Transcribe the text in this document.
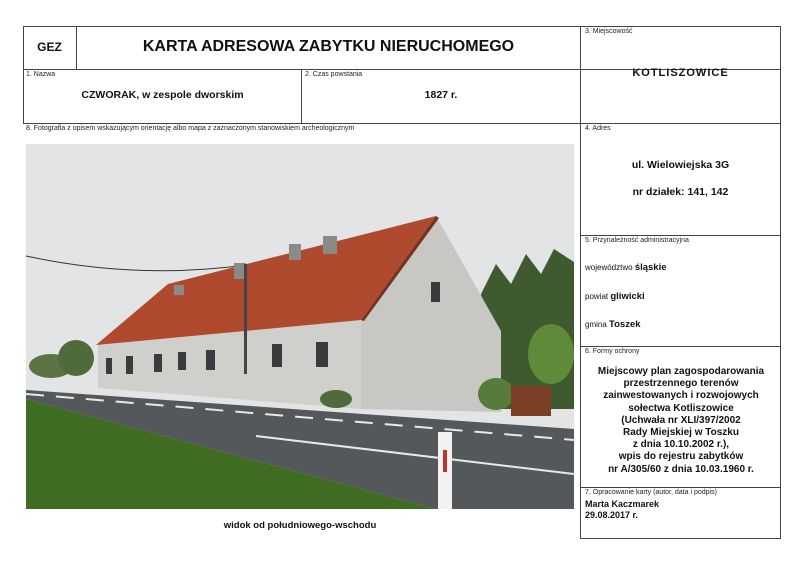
GEZ	KARTA ADRESOWA ZABYTKU NIERUCHOMEGO
3. Miejscowość
KOTLISZOWICE
1. Nazwa
CZWORAK, w zespole dworskim
2. Czas powstania
1827 r.
8. Fotografia z opisem wskazującym orientację albo mapa z zaznaczonym stanowiskiem archeologicznym
widok od południowego-wschodu
4. Adres
ul. Wielowiejska 3G
nr działek: 141, 142
5. Przynależność administracyjna
województwo śląskie
powiat gliwicki
gmina Toszek
6. Formy ochrony
Miejscowy plan zagospodarowania
przestrzennego terenów
zainwestowanych i rozwojowych
sołectwa Kotliszowice
(Uchwała nr XLI/397/2002
Rady Miejskiej w Toszku
z dnia 10.10.2002 r.),
wpis do rejestru zabytków
nr A/305/60 z dnia 10.03.1960 r.
7. Opracowanie karty (autor, data i podpis)
Marta Kaczmarek
29.08.2017 r.
